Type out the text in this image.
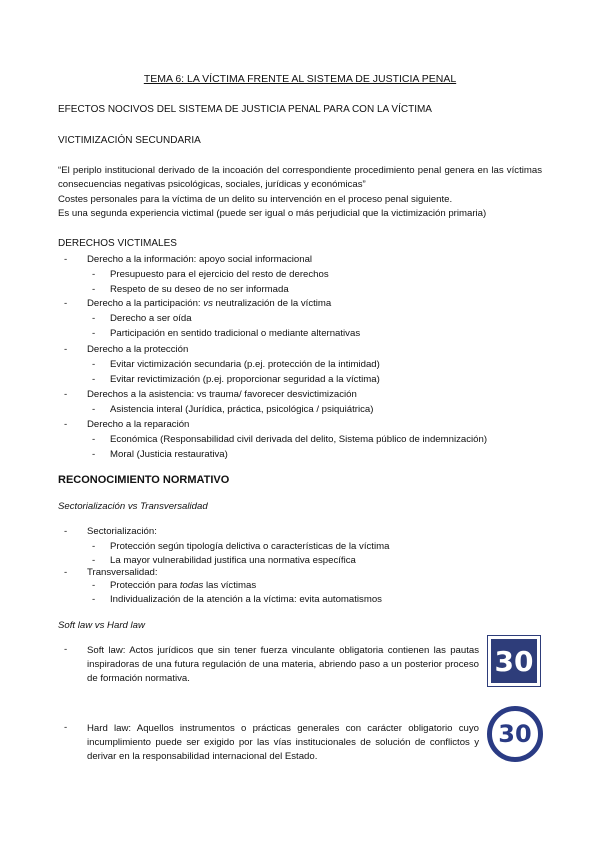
TEMA 6: LA VÍCTIMA FRENTE AL SISTEMA DE JUSTICIA PENAL
EFECTOS NOCIVOS DEL SISTEMA DE JUSTICIA PENAL PARA CON LA VÍCTIMA
VICTIMIZACIÓN SECUNDARIA
“El periplo institucional derivado de la incoación del correspondiente procedimiento penal genera en las víctimas consecuencias negativas psicológicas, sociales, jurídicas y económicas”
Costes personales para la víctima de un delito su intervención en el proceso penal siguiente.
Es una segunda experiencia victimal (puede ser igual o más perjudicial que la victimización primaria)
DERECHOS VICTIMALES
- Derecho a la información: apoyo social informacional
- Presupuesto para el ejercicio del resto de derechos
- Respeto de su deseo de no ser informada
- Derecho a la participación: vs neutralización de la víctima
- Derecho a ser oída
- Participación en sentido tradicional o mediante alternativas
- Derecho a la protección
- Evitar victimización secundaria (p.ej. protección de la intimidad)
- Evitar revictimización (p.ej. proporcionar seguridad a la víctima)
- Derechos a la asistencia: vs trauma/ favorecer desvictimización
- Asistencia interal (Jurídica, práctica, psicológica / psiquiátrica)
- Derecho a la reparación
- Económica (Responsabilidad civil derivada del delito, Sistema público de indemnización)
- Moral (Justicia restaurativa)
RECONOCIMIENTO NORMATIVO
Sectorialización vs Transversalidad
- Sectorialización:
- Protección según tipología delictiva o características de la víctima
- La mayor vulnerabilidad justifica una normativa específica
- Transversalidad:
- Protección para todas las víctimas
- Individualización de la atención a la víctima: evita automatismos
Soft law vs Hard law
- Soft law: Actos jurídicos que sin tener fuerza vinculante obligatoria contienen las pautas inspiradoras de una futura regulación de una materia, abriendo paso a un posterior proceso de formación normativa.
30
- Hard law: Aquellos instrumentos o prácticas generales con carácter obligatorio cuyo incumplimiento puede ser exigido por las vías institucionales de solución de conflictos y derivar en la responsabilidad internacional del Estado.
30
